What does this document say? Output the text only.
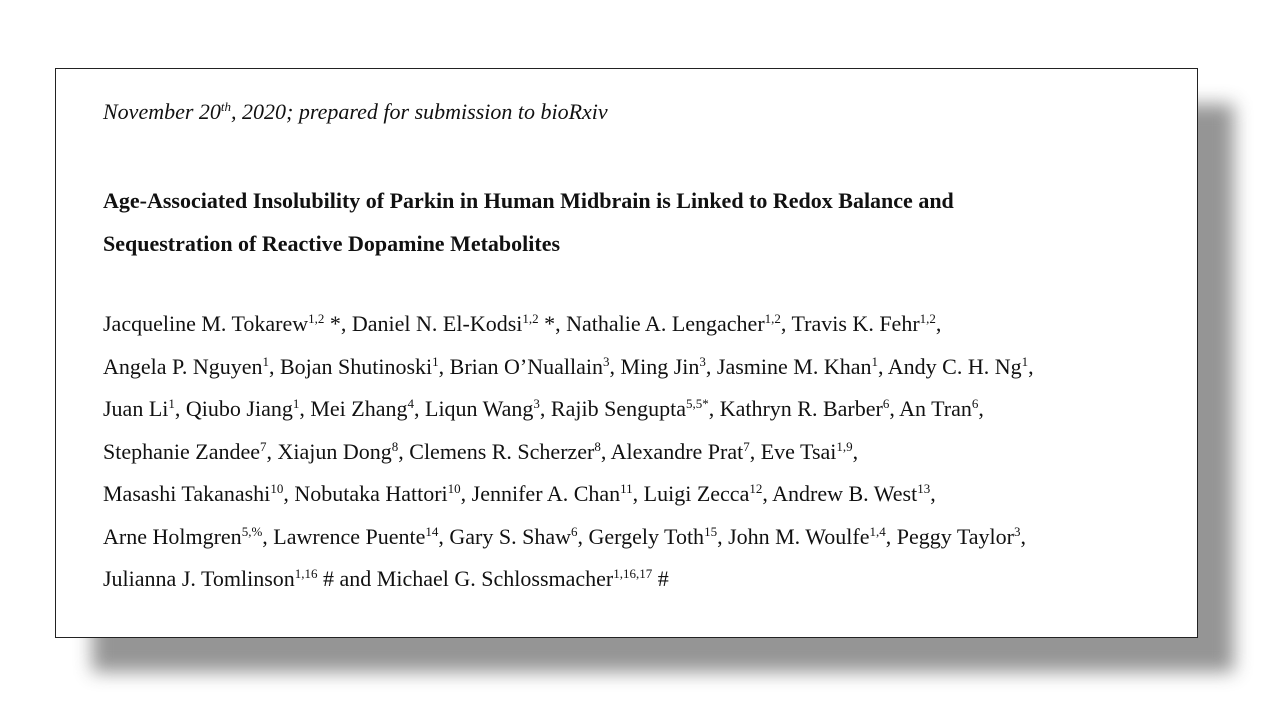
November 20th, 2020; prepared for submission to bioRxiv
Age-Associated Insolubility of Parkin in Human Midbrain is Linked to Redox Balance and
Sequestration of Reactive Dopamine Metabolites
Jacqueline M. Tokarew$^{1,2}$ *, Daniel N. El-Kodsi$^{1,2}$ *, Nathalie A. Lengacher$^{1,2}$, Travis K. Fehr$^{1,2}$,
Angela P. Nguyen$^1$, Bojan Shutinoski$^1$, Brian O’Nuallain$^3$, Ming Jin$^3$, Jasmine M. Khan$^1$, Andy C. H. Ng$^1$,
Juan Li$^1$, Qiubo Jiang$^1$, Mei Zhang$^4$, Liqun Wang$^3$, Rajib Sengupta$^{5,5*}$, Kathryn R. Barber$^6$, An Tran$^6$,
Stephanie Zandee$^7$, Xiajun Dong$^8$, Clemens R. Scherzer$^8$, Alexandre Prat$^7$, Eve Tsai$^{1,9}$,
Masashi Takanashi$^{10}$, Nobutaka Hattori$^{10}$, Jennifer A. Chan$^{11}$, Luigi Zecca$^{12}$, Andrew B. West$^{13}$,
Arne Holmgren$^{5,\%}$, Lawrence Puente$^{14}$, Gary S. Shaw$^6$, Gergely Toth$^{15}$, John M. Woulfe$^{1,4}$, Peggy Taylor$^3$,
Julianna J. Tomlinson$^{1,16}$ # and Michael G. Schlossmacher$^{1,16,17}$ #
